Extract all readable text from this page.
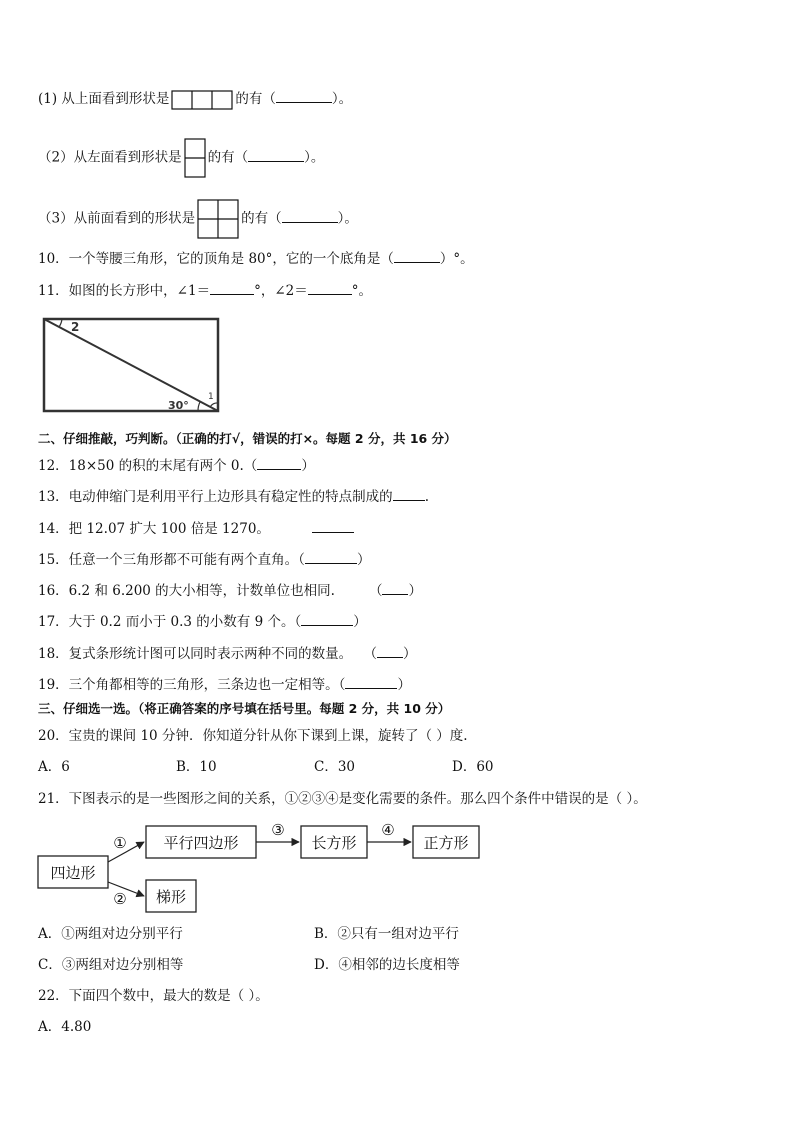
(1) 从上面看到形状是	的有（	）。
（2）从左面看到形状是 的有（	）。
（3）从前面看到的形状是	的有（	）。
10．一个等腰三角形，它的顶角是 80°，它的一个底角是（	）°。
11．如图的长方形中，∠1＝	°，∠2＝	°。
2
1
30°
二、仔细推敲，巧判断。（正确的打√，错误的打×。每题 2 分，共 16 分）
12．18×50 的积的末尾有两个 0.（	）
13．电动伸缩门是利用平行上边形具有稳定性的特点制成的 .
14．把 12.07 扩大 100 倍是 1270。
15．任意一个三角形都不可能有两个直角。（	）
16．6.2 和 6.200 的大小相等，计数单位也相同.	（ ）
17．大于 0.2 而小于 0.3 的小数有 9 个。（	）
18．复式条形统计图可以同时表示两种不同的数量。 （ ）
19．三个角都相等的三角形，三条边也一定相等。（	）
三、仔细选一选。（将正确答案的序号填在括号里。每题 2 分，共 10 分）
20．宝贵的课间 10 分钟．你知道分针从你下课到上课，旋转了（ ）度.
A．6	B．10	C．30	D．60
21．下图表示的是一些图形之间的关系，①②③④是变化需要的条件。那么四个条件中错误的是（ ）。
四边形
平行四边形	长方形	正方形
梯形
①
②
③	④
A．①两组对边分别平行	B．②只有一组对边平行
C．③两组对边分别相等	D．④相邻的边长度相等
22．下面四个数中，最大的数是（ ）。
A．4.80
